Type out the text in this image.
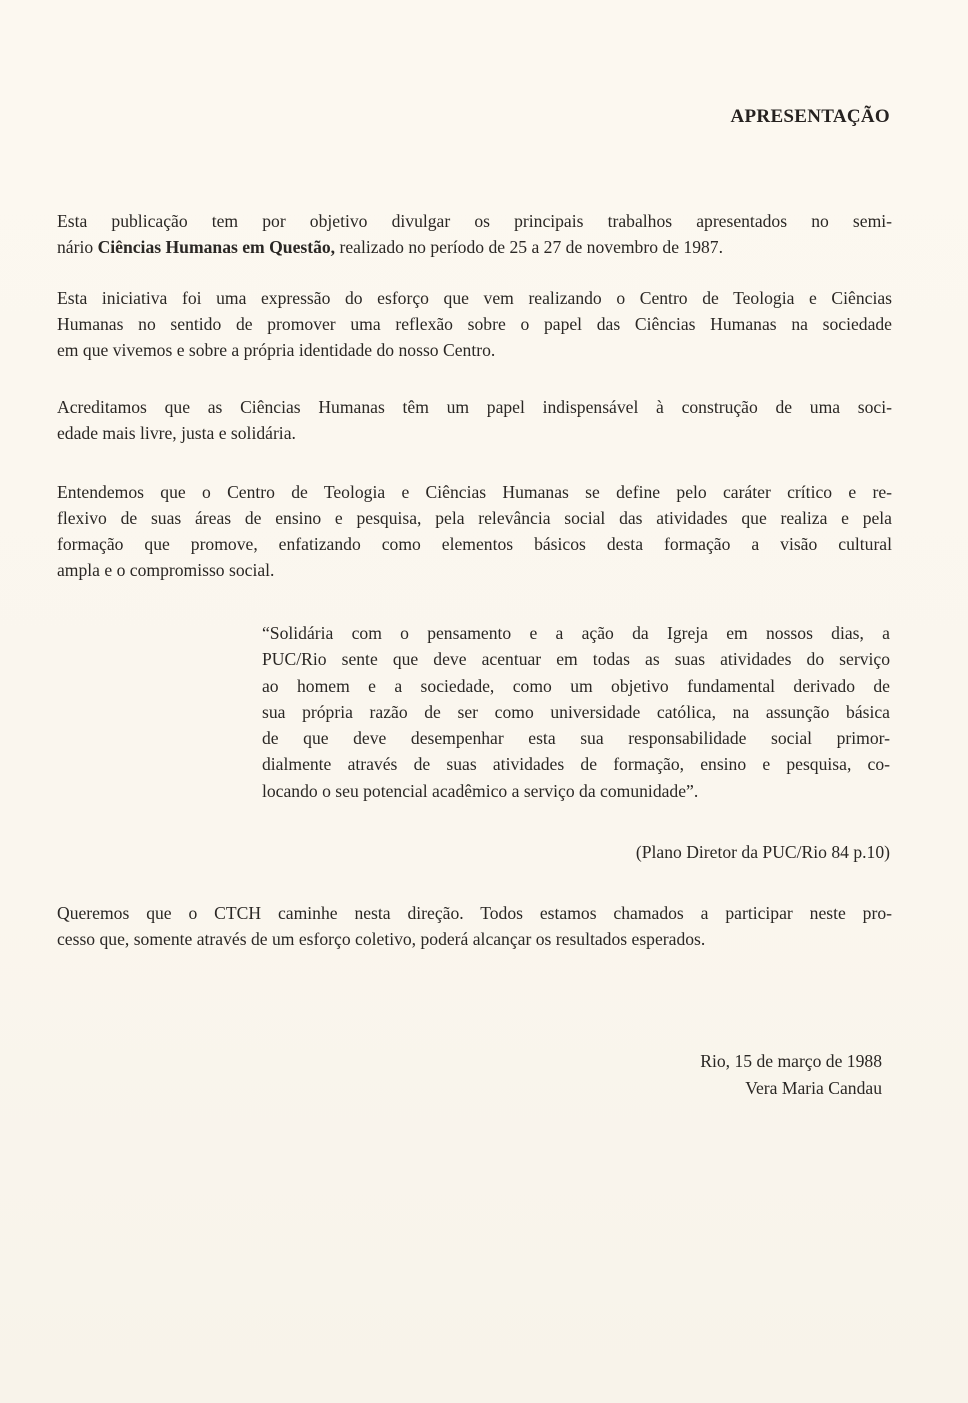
APRESENTAÇÃO

Esta publicação tem por objetivo divulgar os principais trabalhos apresentados no semi-
nário Ciências Humanas em Questão, realizado no período de 25 a 27 de novembro de 1987.

Esta iniciativa foi uma expressão do esforço que vem realizando o Centro de Teologia e Ciências
Humanas no sentido de promover uma reflexão sobre o papel das Ciências Humanas na sociedade
em que vivemos e sobre a própria identidade do nosso Centro.

Acreditamos que as Ciências Humanas têm um papel indispensável à construção de uma soci-
edade mais livre, justa e solidária.

Entendemos que o Centro de Teologia e Ciências Humanas se define pelo caráter crítico e re-
flexivo de suas áreas de ensino e pesquisa, pela relevância social das atividades que realiza e pela
formação que promove, enfatizando como elementos básicos desta formação a visão cultural
ampla e o compromisso social.

“Solidária com o pensamento e a ação da Igreja em nossos dias, a
PUC/Rio sente que deve acentuar em todas as suas atividades do serviço
ao homem e a sociedade, como um objetivo fundamental derivado de
sua própria razão de ser como universidade católica, na assunção básica
de que deve desempenhar esta sua responsabilidade social primor-
dialmente através de suas atividades de formação, ensino e pesquisa, co-
locando o seu potencial acadêmico a serviço da comunidade”.

(Plano Diretor da PUC/Rio 84 p.10)

Queremos que o CTCH caminhe nesta direção. Todos estamos chamados a participar neste pro-
cesso que, somente através de um esforço coletivo, poderá alcançar os resultados esperados.

Rio, 15 de março de 1988
Vera Maria Candau
